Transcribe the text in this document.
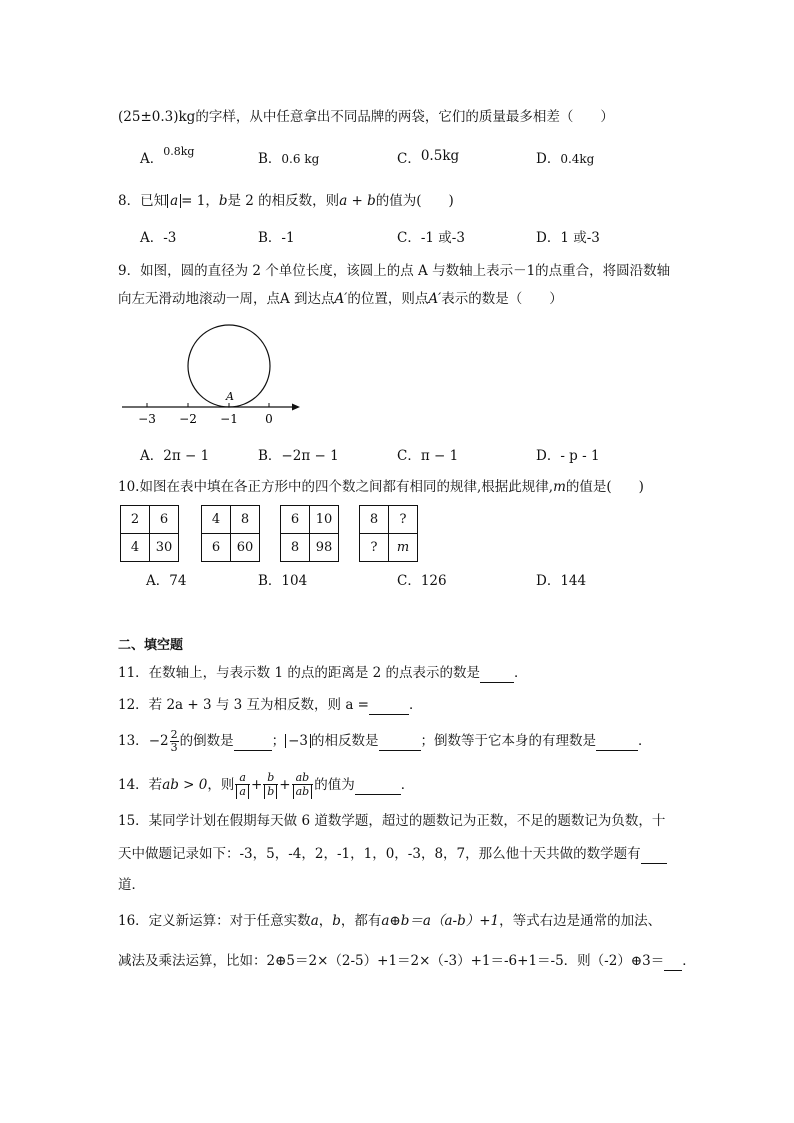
(25±0.3)kg的字样，从中任意拿出不同品牌的两袋，它们的质量最多相差（　　）
A．$^{0.8kg}$	B．0.6 kg	C．0.5kg	D．0.4kg
8．已知 a = 1，b是 2 的相反数，则a + b的值为(　　)
A．-3	B．-1	C．-1 或-3	D．1 或-3
9．如图，圆的直径为 2 个单位长度，该圆上的点 A 与数轴上表示－1的点重合，将圆沿数轴
向左无滑动地滚动一周，点A 到达点A′的位置，则点A′表示的数是（　　）
A
−3 −2 −1 0
A．2π − 1	B．−2π − 1	C．π − 1	D．- p - 1
10.如图在表中填在各正方形中的四个数之间都有相同的规律,根据此规律,m的值是(　　)
2	6
4	30
4	8
6	60
6	10
8	98
8	?
?	m
A．74	B．104	C．126	D．144
二、填空题
11．在数轴上，与表示数 1 的点的距离是 2 的点表示的数是	．
12．若 2a + 3 与 3 互为相反数，则 a =	．
13．$-2 \frac{2}{3}$ 的倒数是	； −3 的相反数是	；倒数等于它本身的有理数是	．
14．若ab > 0，则 $\frac{a}{a} + \frac{b}{b} + \frac{ab}{ab}$ 的值为	．
15．某同学计划在假期每天做 6 道数学题，超过的题数记为正数，不足的题数记为负数，十
天中做题记录如下：-3，5，-4，2，-1，1，0，-3，8，7，那么他十天共做的数学题有
道．
16．定义新运算：对于任意实数a，b，都有a⊕b＝a（a-b）+1，等式右边是通常的加法、
减法及乘法运算，比如：2⊕5＝2×（2-5）+1＝2×（-3）+1＝-6+1＝-5．则（-2）⊕3＝ ．
